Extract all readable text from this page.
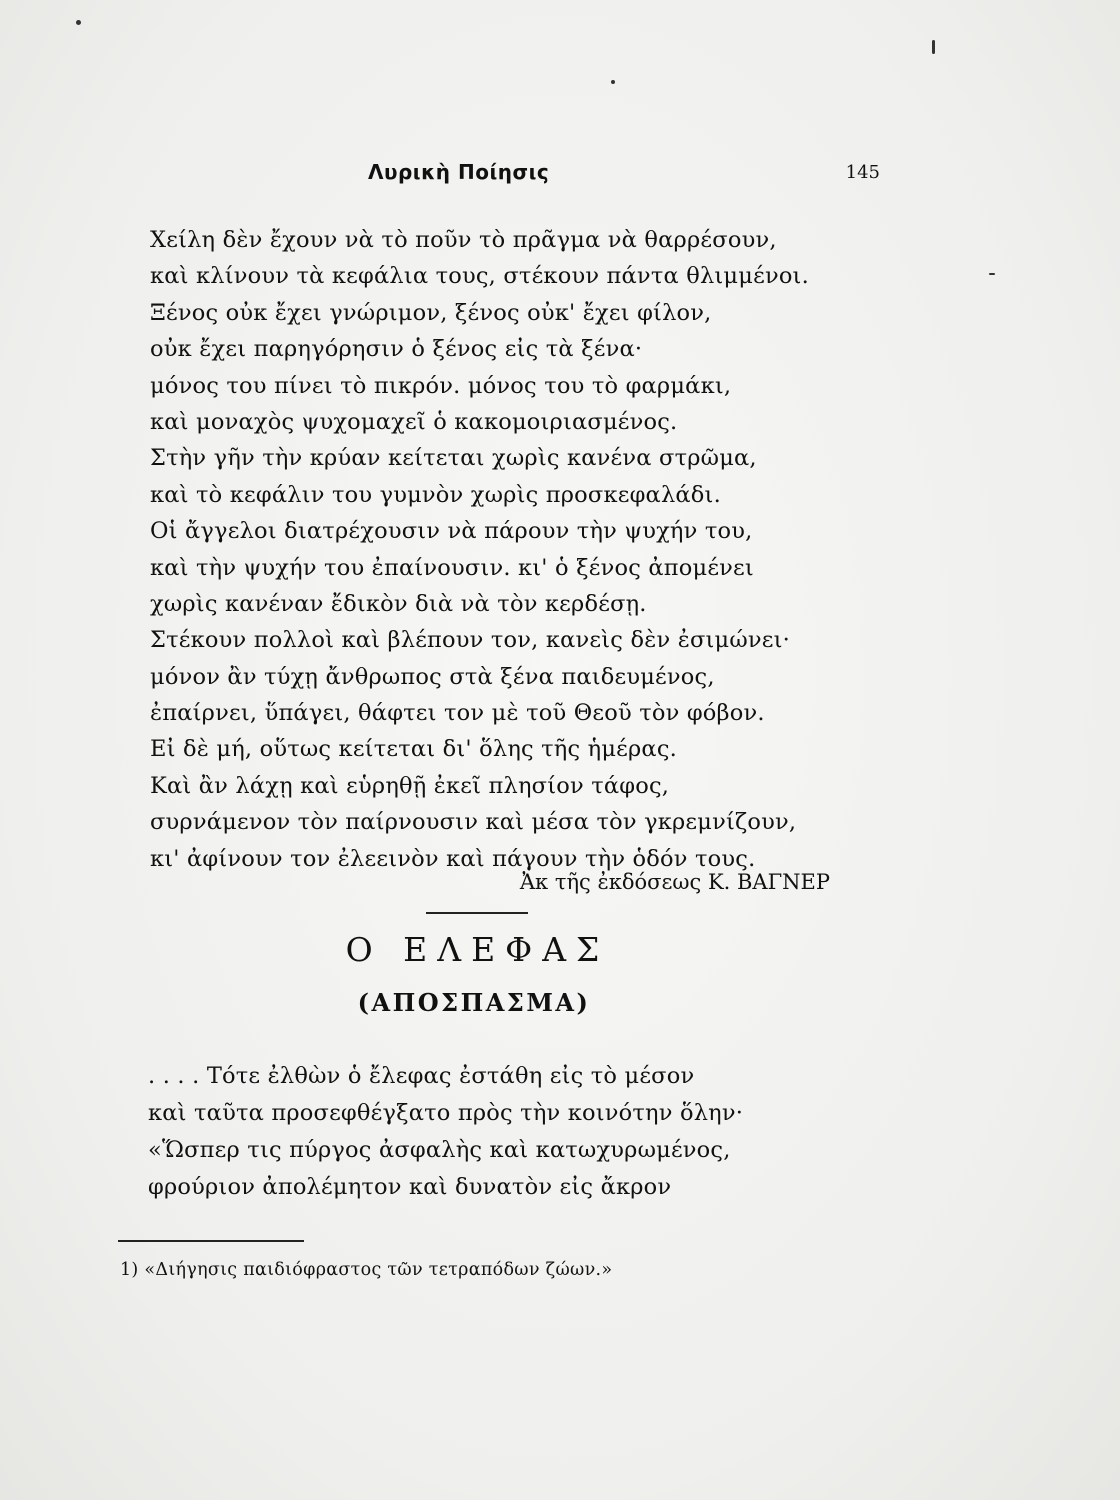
Λυρικὴ Ποίησις	145
Χείλη δὲν ἔχουν νὰ τὸ ποῦν τὸ πρᾶγμα νὰ θαρρέσουν,
καὶ κλίνουν τὰ κεφάλια τους, στέκουν πάντα θλιμμένοι.
Ξένος οὐκ ἔχει γνώριμον, ξένος οὐκ' ἔχει φίλον,
οὐκ ἔχει παρηγόρησιν ὁ ξένος εἰς τὰ ξένα·
μόνος του πίνει τὸ πικρόν. μόνος του τὸ φαρμάκι,
καὶ μοναχὸς ψυχομαχεῖ ὁ κακομοιριασμένος.
Στὴν γῆν τὴν κρύαν κείτεται χωρὶς κανένα στρῶμα,
καὶ τὸ κεφάλιν του γυμνὸν χωρὶς προσκεφαλάδι.
Οἱ ἄγγελοι διατρέχουσιν νὰ πάρουν τὴν ψυχήν του,
καὶ τὴν ψυχήν του ἐπαίνουσιν. κι' ὁ ξένος ἀπομένει
χωρὶς κανέναν ἔδικὸν διὰ νὰ τὸν κερδέσῃ.
Στέκουν πολλοὶ καὶ βλέπουν τον, κανεὶς δὲν ἐσιμώνει·
μόνον ἂν τύχῃ ἄνθρωπος στὰ ξένα παιδευμένος,
ἐπαίρνει, ὕπάγει, θάφτει τον μὲ τοῦ Θεοῦ τὸν φόβον.
Εἰ δὲ μή, οὕτως κείτεται δι' ὅλης τῆς ἡμέρας.
Καὶ ἂν λάχῃ καὶ εὑρηθῇ ἐκεῖ πλησίον τάφος,
συρνάμενον τὸν παίρνουσιν καὶ μέσα τὸν γκρεμνίζουν,
κι' ἀφίνουν τον ἐλεεινὸν καὶ πάγουν τὴν ὁδόν τους.
Ἀκ τῆς ἐκδόσεως Κ. ΒΑΓΝΕΡ
Ο ΕΛΕΦΑΣ
(ΑΠΟΣΠΑΣΜΑ)
. . . . Τότε ἐλθὼν ὁ ἔλεφας ἐστάθη εἰς τὸ μέσον
καὶ ταῦτα προσεφθέγξατο πρὸς τὴν κοινότην ὅλην·
«Ὥσπερ τις πύργος ἀσφαλὴς καὶ κατωχυρωμένος,
φρούριον ἀπολέμητον καὶ δυνατὸν εἰς ἄκρον
1) «Διήγησις παιδιόφραστος τῶν τετραπόδων ζώων.»
